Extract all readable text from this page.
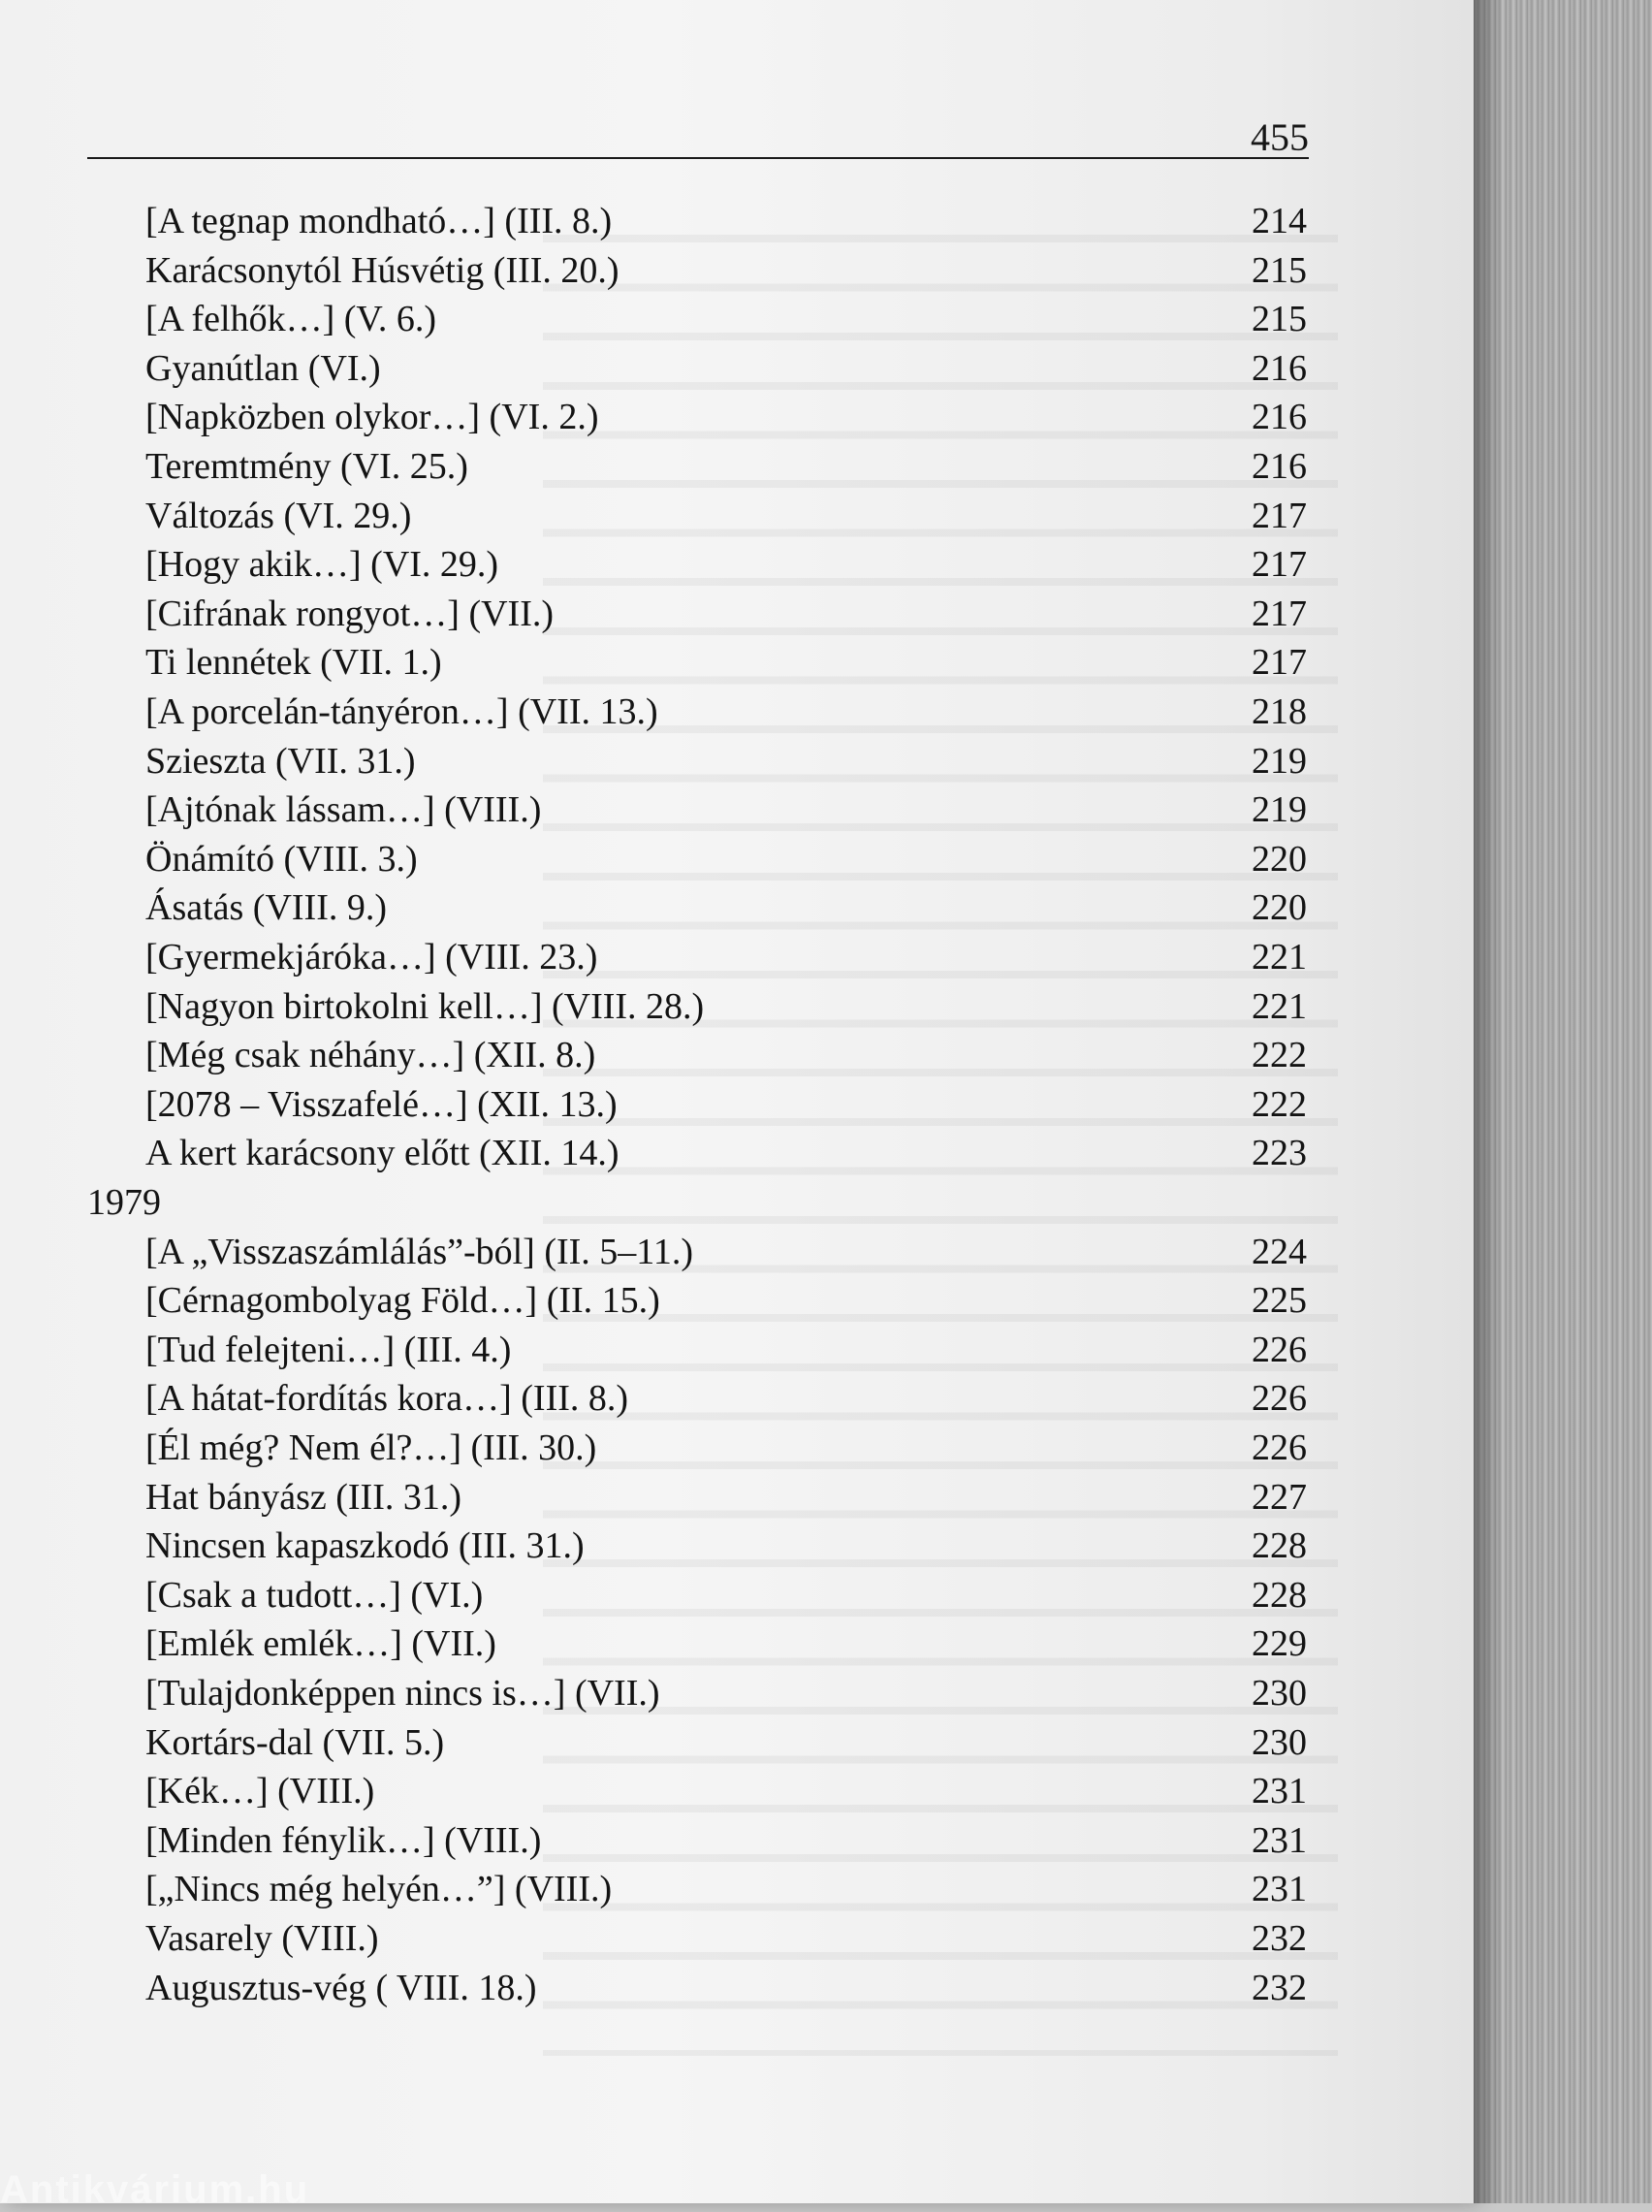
455
[A tegnap mondható…] (III. 8.)	214
Karácsonytól Húsvétig (III. 20.)	215
[A felhők…] (V. 6.)	215
Gyanútlan (VI.)	216
[Napközben olykor…] (VI. 2.)	216
Teremtmény (VI. 25.)	216
Változás (VI. 29.)	217
[Hogy akik…] (VI. 29.)	217
[Cifrának rongyot…] (VII.)	217
Ti lennétek (VII. 1.)	217
[A porcelán-tányéron…] (VII. 13.)	218
Szieszta (VII. 31.)	219
[Ajtónak lássam…] (VIII.)	219
Önámító (VIII. 3.)	220
Ásatás (VIII. 9.)	220
[Gyermekjáróka…] (VIII. 23.)	221
[Nagyon birtokolni kell…] (VIII. 28.)	221
[Még csak néhány…] (XII. 8.)	222
[2078 – Visszafelé…] (XII. 13.)	222
A kert karácsony előtt (XII. 14.)	223
1979
[A „Visszaszámlálás”-ból] (II. 5–11.)	224
[Cérnagombolyag Föld…] (II. 15.)	225
[Tud felejteni…] (III. 4.)	226
[A hátat-fordítás kora…] (III. 8.)	226
[Él még? Nem él?…] (III. 30.)	226
Hat bányász (III. 31.)	227
Nincsen kapaszkodó (III. 31.)	228
[Csak a tudott…] (VI.)	228
[Emlék emlék…] (VII.)	229
[Tulajdonképpen nincs is…] (VII.)	230
Kortárs-dal (VII. 5.)	230
[Kék…] (VIII.)	231
[Minden fénylik…] (VIII.)	231
[„Nincs még helyén…”] (VIII.)	231
Vasarely (VIII.)	232
Augusztus-vég ( VIII. 18.)	232
Antikvárium.hu
